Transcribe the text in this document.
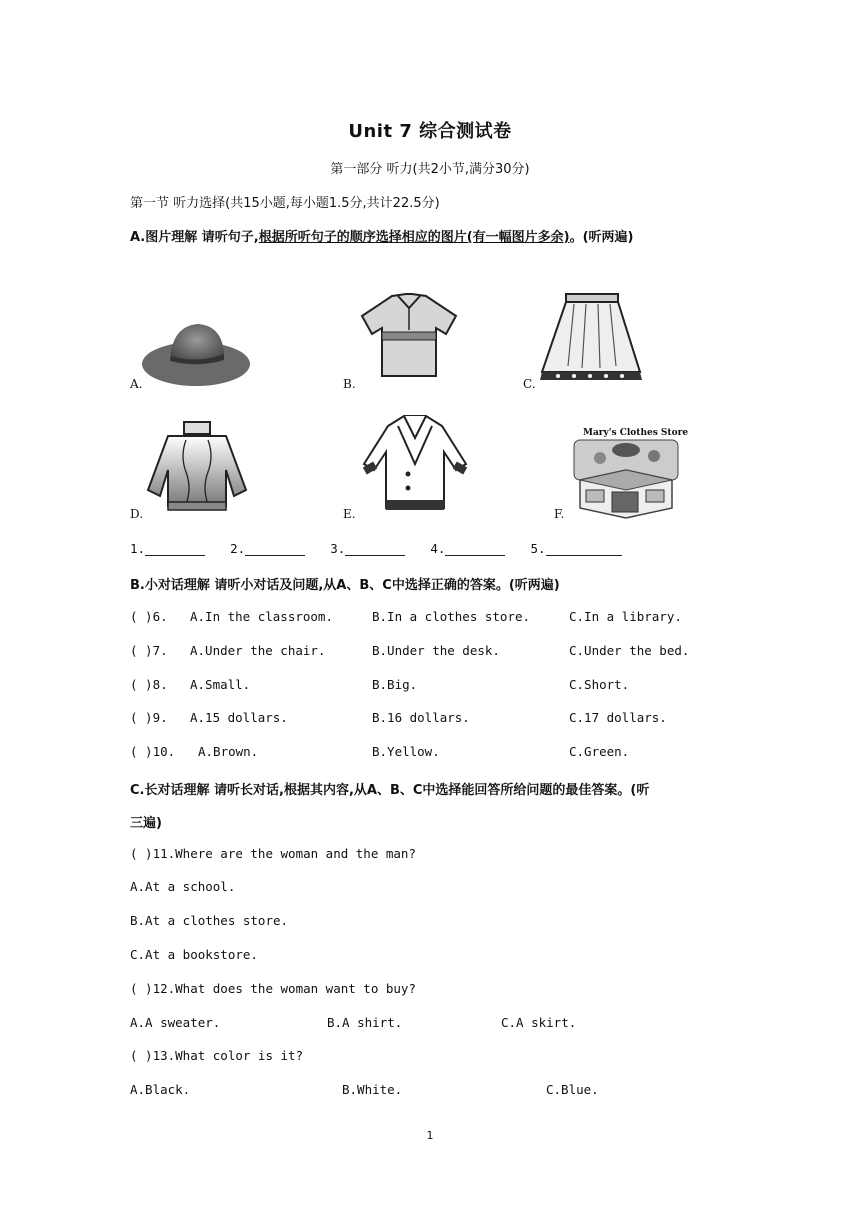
Unit 7 综合测试卷
第一部分 听力(共2小节,满分30分)
第一节 听力选择(共15小题,每小题1.5分,共计22.5分)
A.图片理解 请听句子,根据所听句子的顺序选择相应的图片(有一幅图片多余)。(听两遍)
A.	B.	C.
D.	E.
Mary's Clothes Store
F.
1.	2.	3.	4.	5.
B.小对话理解 请听小对话及问题,从A、B、C中选择正确的答案。(听两遍)
( )6. A.In the classroom.	B.In a clothes store.	C.In a library.
( )7. A.Under the chair.	B.Under the desk.	C.Under the bed.
( )8. A.Small.	B.Big.	C.Short.
( )9. A.15 dollars.	B.16 dollars.	C.17 dollars.
( )10. A.Brown.	B.Yellow.	C.Green.
C.长对话理解 请听长对话,根据其内容,从A、B、C中选择能回答所给问题的最佳答案。(听
三遍)
( )11.Where are the woman and the man?
A.At a school.
B.At a clothes store.
C.At a bookstore.
( )12.What does the woman want to buy?
A.A sweater.	B.A shirt.	C.A skirt.
( )13.What color is it?
A.Black.	B.White.	C.Blue.
1
